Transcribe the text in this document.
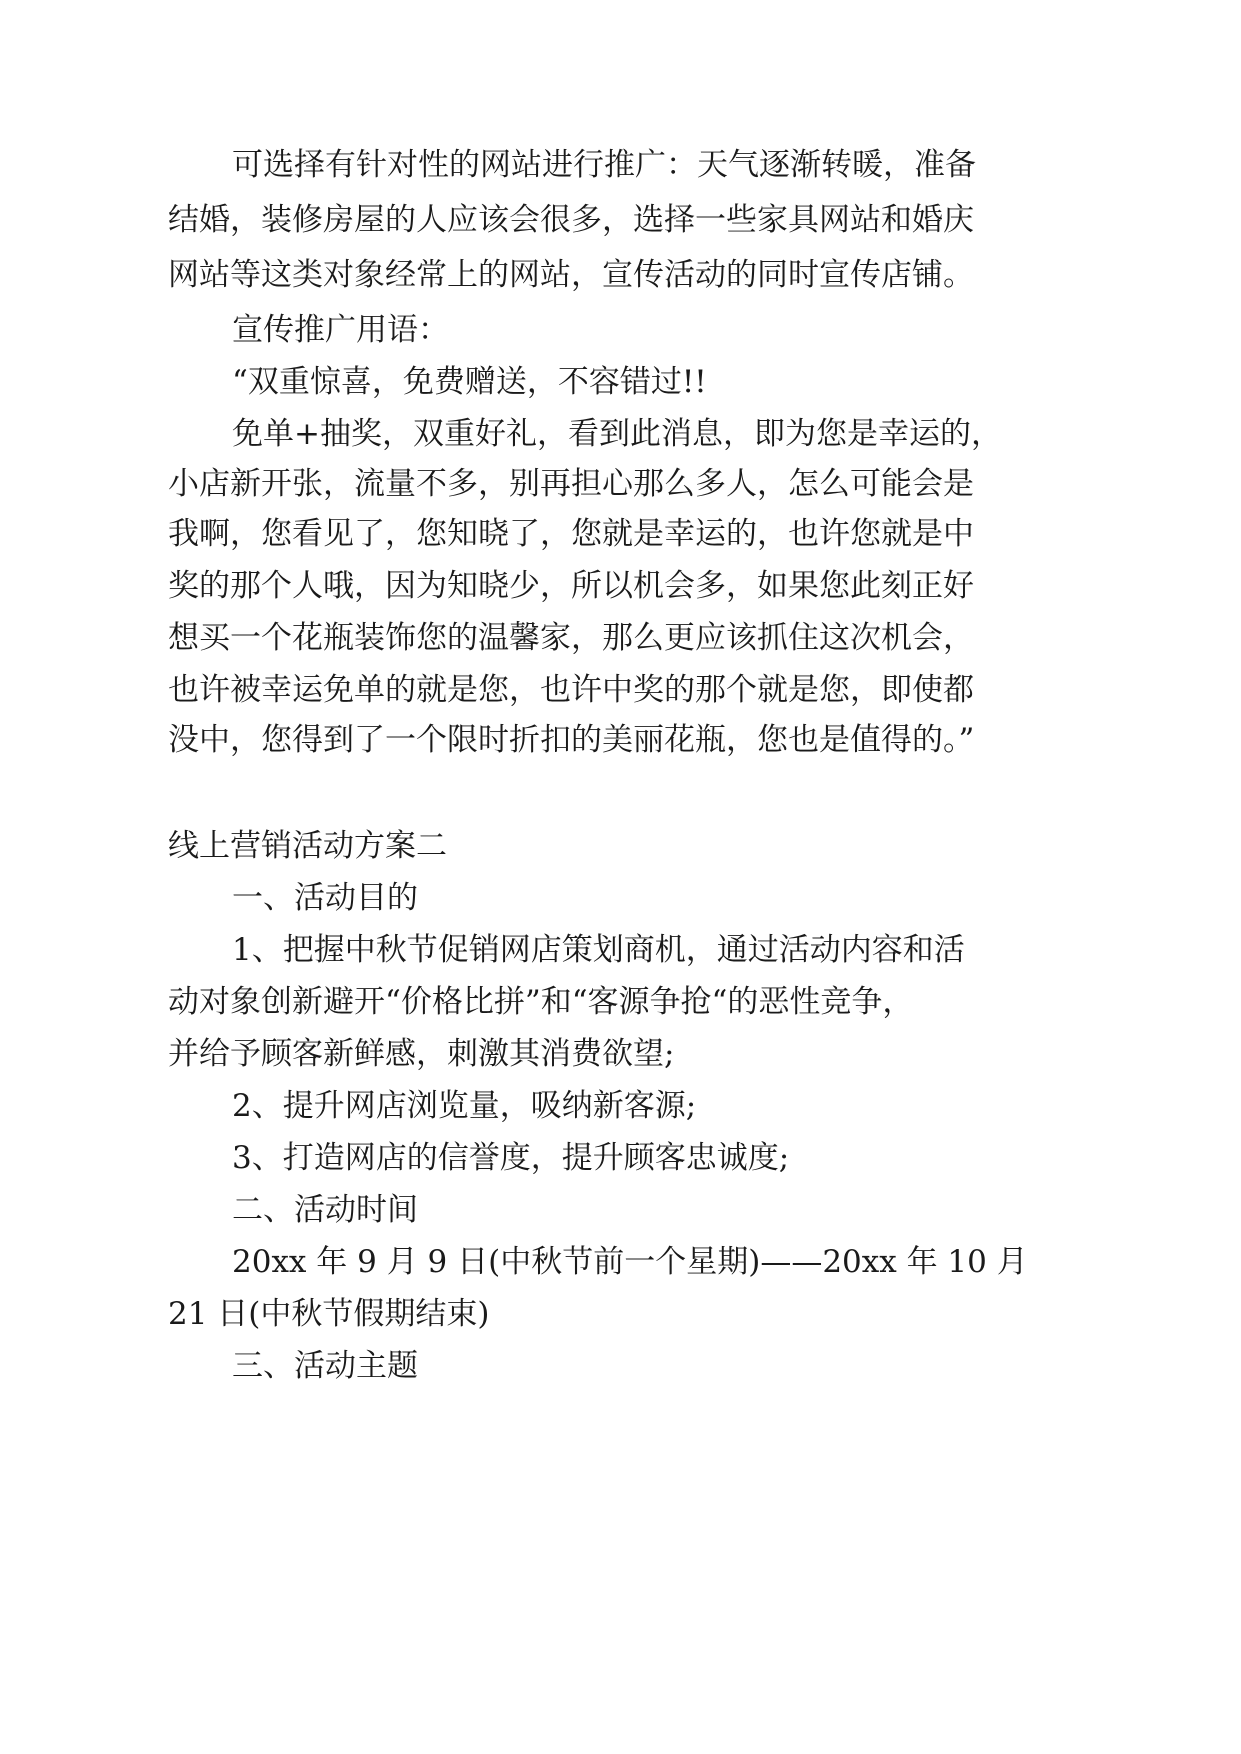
可选择有针对性的网站进行推广：天气逐渐转暖，准备
结婚，装修房屋的人应该会很多，选择一些家具网站和婚庆
网站等这类对象经常上的网站，宣传活动的同时宣传店铺。
宣传推广用语：
“双重惊喜，免费赠送，不容错过!!
免单+抽奖，双重好礼，看到此消息，即为您是幸运的，
小店新开张，流量不多，别再担心那么多人，怎么可能会是
我啊，您看见了，您知晓了，您就是幸运的，也许您就是中
奖的那个人哦，因为知晓少，所以机会多，如果您此刻正好
想买一个花瓶装饰您的温馨家，那么更应该抓住这次机会，
也许被幸运免单的就是您，也许中奖的那个就是您，即使都
没中，您得到了一个限时折扣的美丽花瓶，您也是值得的。”
线上营销活动方案二
一、活动目的
1、把握中秋节促销网店策划商机，通过活动内容和活
动对象创新避开“价格比拼”和“客源争抢“的恶性竞争，
并给予顾客新鲜感，刺激其消费欲望;
2、提升网店浏览量，吸纳新客源;
3、打造网店的信誉度，提升顾客忠诚度;
二、活动时间
20xx 年 9 月 9 日(中秋节前一个星期)——20xx 年 10 月
21 日(中秋节假期结束)
三、活动主题
